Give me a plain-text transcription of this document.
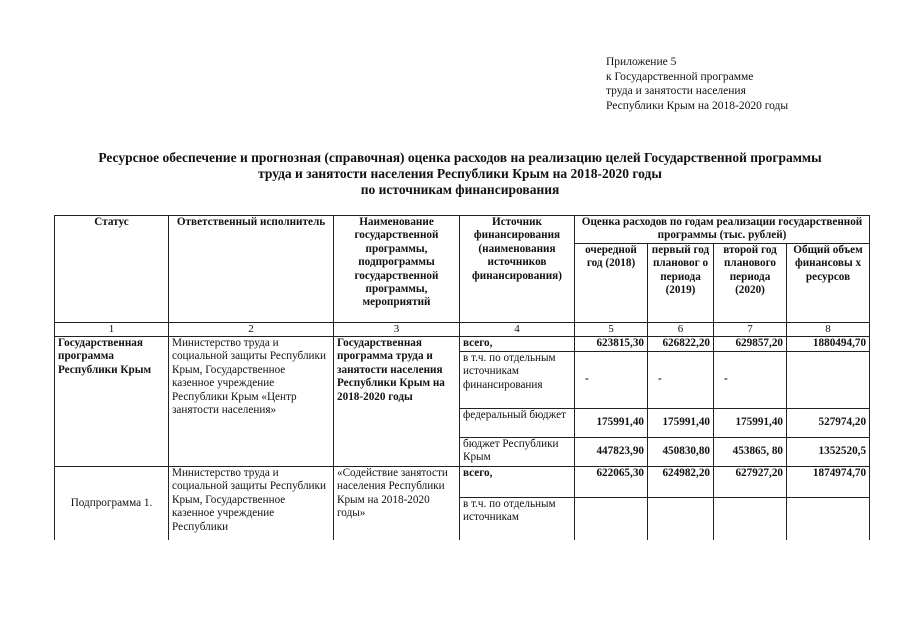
Приложение 5
к Государственной программе
труда и занятости населения
Республики Крым на 2018-2020 годы
Ресурсное обеспечение и прогнозная (справочная) оценка расходов на реализацию целей Государственной программы
труда и занятости населения Республики Крым на 2018-2020 годы
по источникам финансирования
Статус	Ответственный исполнитель	Наименование государственной программы, подпрограммы государственной программы, мероприятий	Источник финансирования (наименования источников финансирования)	Оценка расходов по годам реализации государственной программы (тыс. рублей)			
				очередной год (2018)	первый год плановог о периода (2019)	второй год планового периода (2020)	Общий объем финансовы х ресурсов
1	2	3	4	5	6	7	8
Государственная программа Республики Крым	Министерство труда и социальной защиты Республики Крым, Государственное казенное учреждение Республики Крым «Центр занятости населения»	Государственная программа труда и занятости населения Республики Крым на 2018-2020 годы	всего,	623815,30	626822,20	629857,20	1880494,70
			в т.ч. по отдельным источникам финансирования	-	-	-	
			федеральный бюджет	175991,40	175991,40	175991,40	527974,20
			бюджет Республики Крым	447823,90	450830,80	453865, 80	1352520,5
Подпрограмма 1.	Министерство труда и социальной защиты Республики Крым, Государственное казенное учреждение Республики	«Содействие занятости населения Республики Крым на 2018-2020 годы»	всего,	622065,30	624982,20	627927,20	1874974,70
			в т.ч. по отдельным источникам				
